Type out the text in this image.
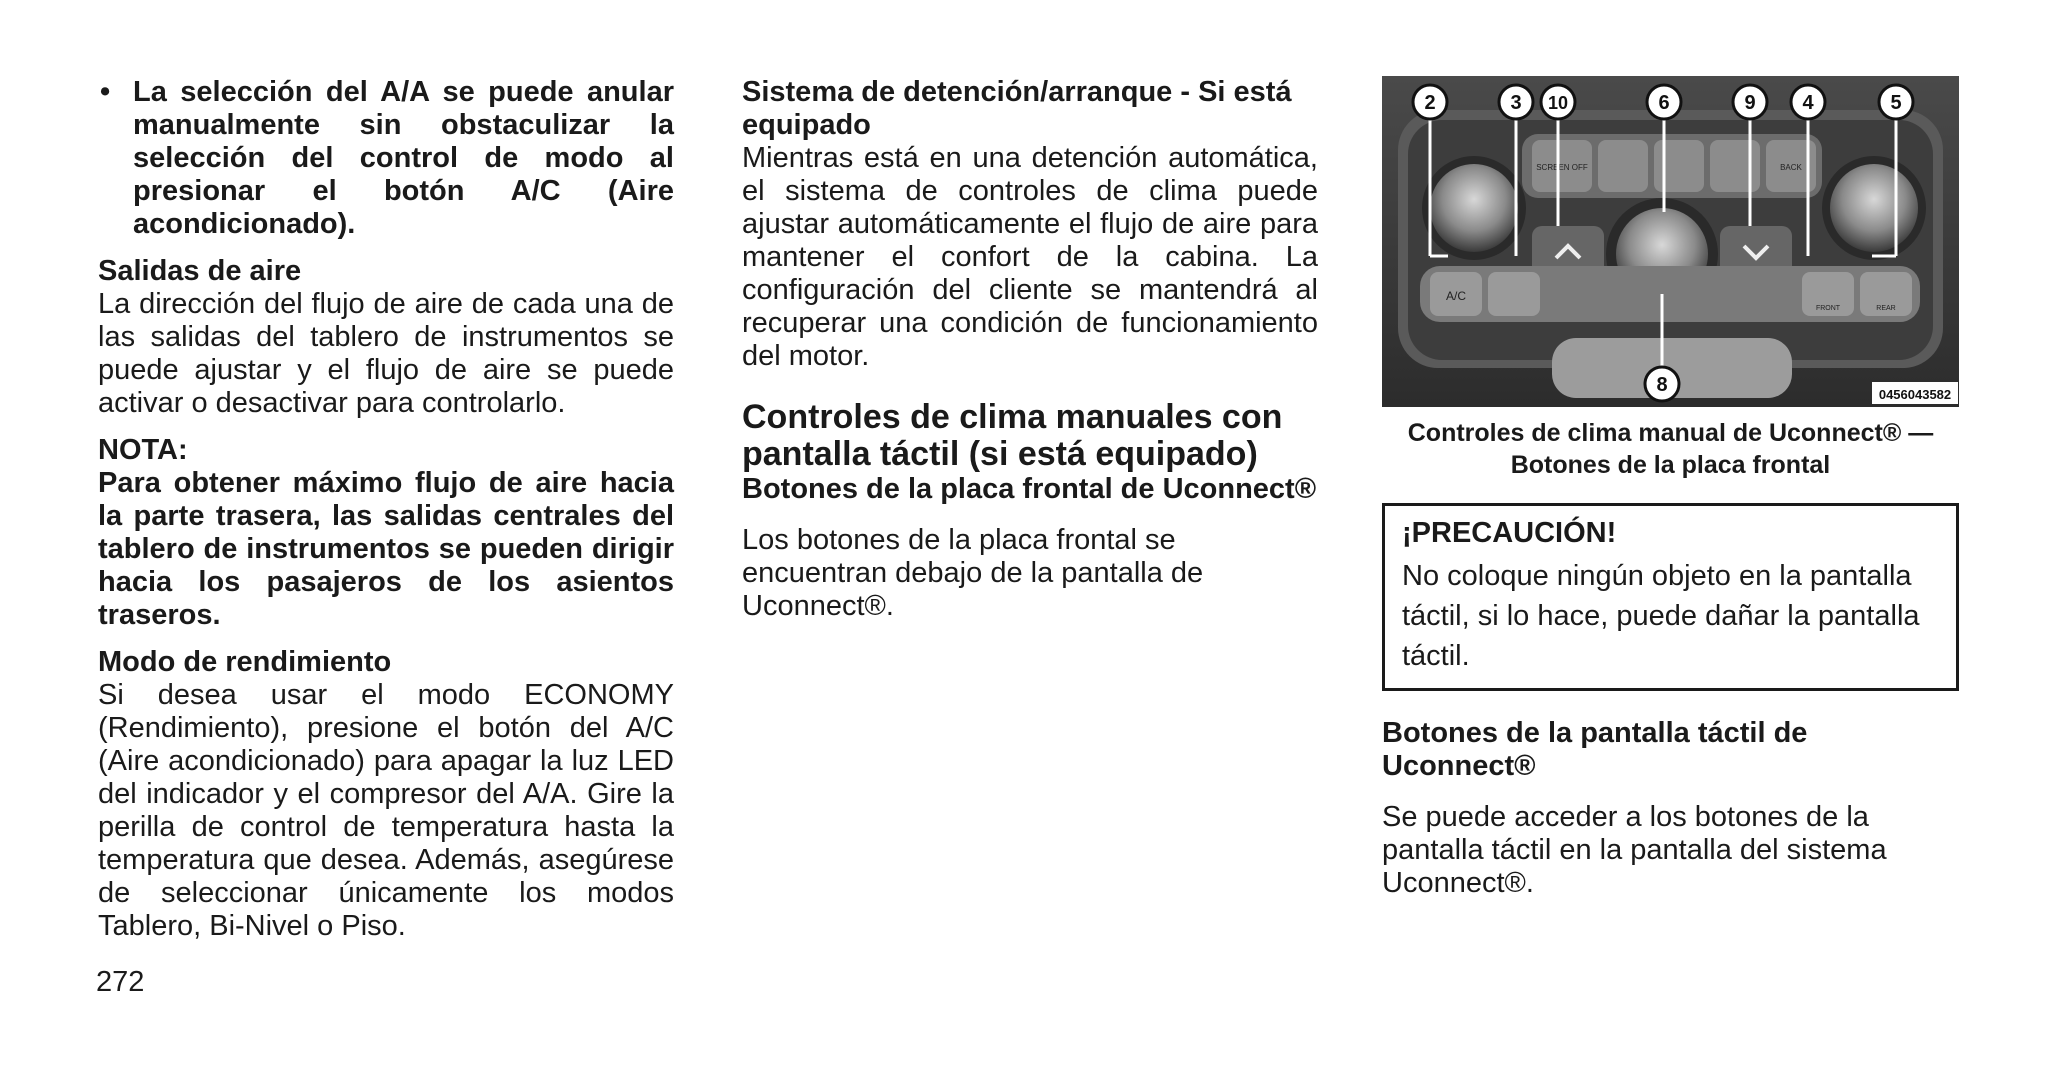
• La selección del A/A se puede anular manualmente sin obstaculizar la selección del control de modo al presionar el botón A/C (Aire acondicionado).

Salidas de aire

La dirección del flujo de aire de cada una de las salidas del tablero de instrumentos se puede ajustar y el flujo de aire se puede activar o desactivar para controlarlo.

NOTA:

Para obtener máximo flujo de aire hacia la parte trasera, las salidas centrales del tablero de instrumentos se pueden dirigir hacia los pasajeros de los asientos traseros.

Modo de rendimiento

Si desea usar el modo ECONOMY (Rendimiento), presione el botón del A/C (Aire acondicionado) para apagar la luz LED del indicador y el compresor del A/A. Gire la perilla de control de temperatura hasta la temperatura que desea. Además, asegúrese de seleccionar únicamente los modos Tablero, Bi-Nivel o Piso.

Sistema de detención/arranque - Si está equipado

Mientras está en una detención automática, el sistema de controles de clima puede ajustar automáticamente el flujo de aire para mantener el confort de la cabina. La configuración del cliente se mantendrá al recuperar una condición de funcionamiento del motor.

Controles de clima manuales con pantalla táctil (si está equipado)

Botones de la placa frontal de Uconnect®

Los botones de la placa frontal se encuentran debajo de la pantalla de Uconnect®.

SCREEN OFF	BACK
A/C
FRONT	REAR
2	3 10	6	9 4	5
8	0456043582

Controles de clima manual de Uconnect® — Botones de la placa frontal

¡PRECAUCIÓN!

No coloque ningún objeto en la pantalla táctil, si lo hace, puede dañar la pantalla táctil.

Botones de la pantalla táctil de Uconnect®

Se puede acceder a los botones de la pantalla táctil en la pantalla del sistema Uconnect®.

272
